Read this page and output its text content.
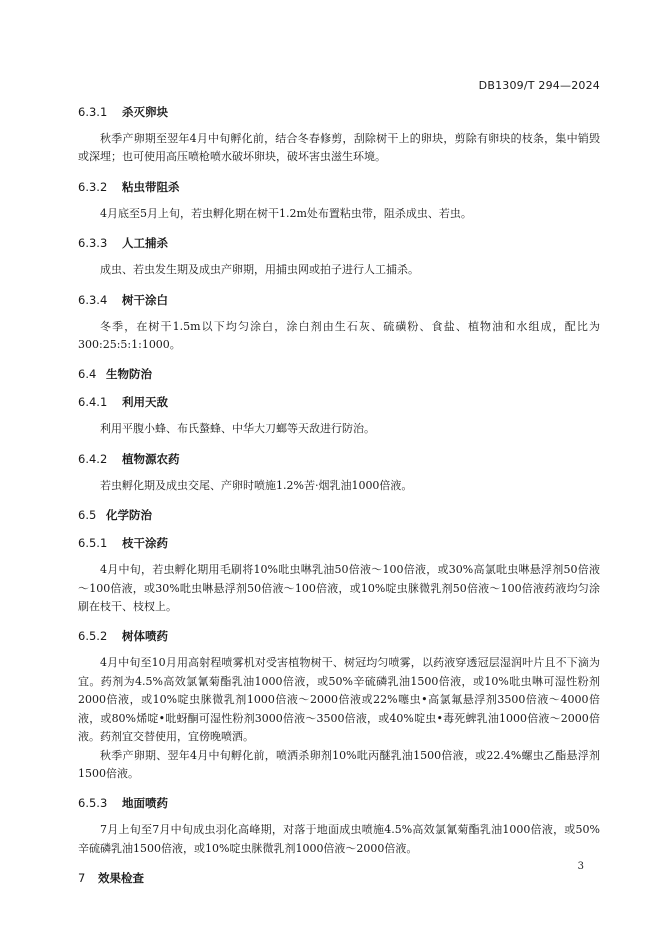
DB1309/T 294—2024

6.3.1 杀灭卵块

秋季产卵期至翌年4月中旬孵化前，结合冬春修剪，刮除树干上的卵块，剪除有卵块的枝条，集中销毁或深埋；也可使用高压喷枪喷水破坏卵块，破坏害虫滋生环境。

6.3.2 粘虫带阻杀

4月底至5月上旬，若虫孵化期在树干1.2m处布置粘虫带，阻杀成虫、若虫。

6.3.3 人工捕杀

成虫、若虫发生期及成虫产卵期，用捕虫网或拍子进行人工捕杀。

6.3.4 树干涂白

冬季，在树干1.5m以下均匀涂白，涂白剂由生石灰、硫磺粉、食盐、植物油和水组成，配比为300:25:5:1:1000。

6.4 生物防治

6.4.1 利用天敌

利用平腹小蜂、布氏螯蜂、中华大刀螂等天敌进行防治。

6.4.2 植物源农药

若虫孵化期及成虫交尾、产卵时喷施1.2%苦·烟乳油1000倍液。

6.5 化学防治

6.5.1 枝干涂药

4月中旬，若虫孵化期用毛刷将10%吡虫啉乳油50倍液～100倍液，或30%高氯吡虫啉悬浮剂50倍液～100倍液，或30%吡虫啉悬浮剂50倍液～100倍液，或10%啶虫脒微乳剂50倍液～100倍液药液均匀涂刷在枝干、枝杈上。

6.5.2 树体喷药

4月中旬至10月用高射程喷雾机对受害植物树干、树冠均匀喷雾，以药液穿透冠层湿润叶片且不下滴为宜。药剂为4.5%高效氯氰菊酯乳油1000倍液，或50%辛硫磷乳油1500倍液，或10%吡虫啉可湿性粉剂2000倍液，或10%啶虫脒微乳剂1000倍液～2000倍液或22%噻虫•高氯氟悬浮剂3500倍液～4000倍液，或80%烯啶•吡蚜酮可湿性粉剂3000倍液～3500倍液，或40%啶虫•毒死蜱乳油1000倍液～2000倍液。药剂宜交替使用，宜傍晚喷洒。

秋季产卵期、翌年4月中旬孵化前，喷洒杀卵剂10%吡丙醚乳油1500倍液，或22.4%螺虫乙酯悬浮剂1500倍液。

6.5.3 地面喷药

7月上旬至7月中旬成虫羽化高峰期，对落于地面成虫喷施4.5%高效氯氰菊酯乳油1000倍液，或50%辛硫磷乳油1500倍液，或10%啶虫脒微乳剂1000倍液～2000倍液。

7 效果检查

3
